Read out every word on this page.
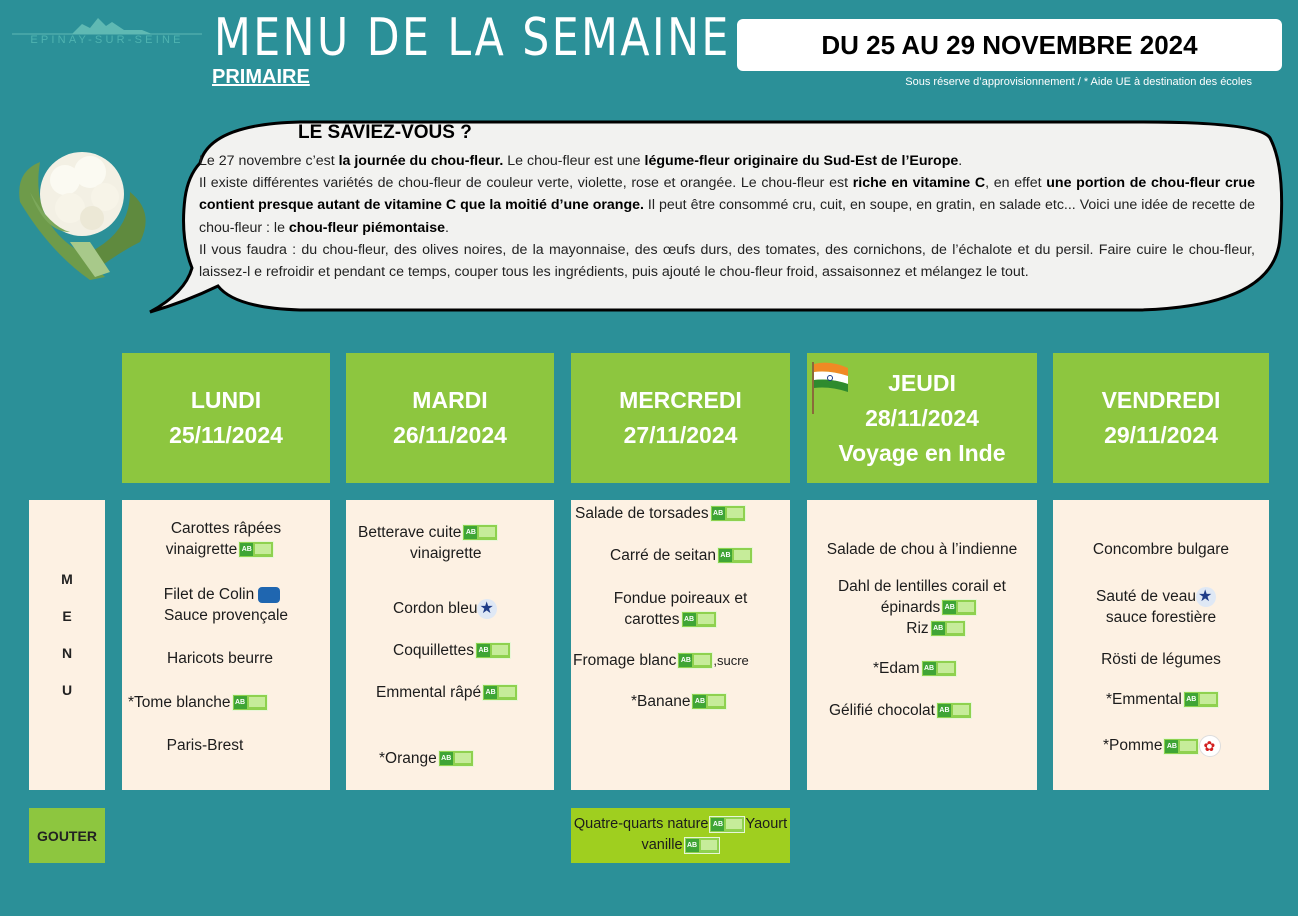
EPINAY-SUR-SEINE MENU DE LA SEMAINE
PRIMAIRE
DU 25 AU 29 NOVEMBRE 2024
Sous réserve d’approvisionnement / * Aide UE à destination des écoles
LE SAVIEZ-VOUS ?
Le 27 novembre c’est la journée du chou-fleur. Le chou-fleur est une légume-fleur originaire du Sud-Est de l’Europe.
Il existe différentes variétés de chou-fleur de couleur verte, violette, rose et orangée. Le chou-fleur est riche en vitamine C, en effet une portion de chou-fleur crue contient presque autant de vitamine C que la moitié d’une orange. Il peut être consommé cru, cuit, en soupe, en gratin, en salade etc... Voici une idée de recette de chou-fleur : le chou-fleur piémontaise.
Il vous faudra : du chou-fleur, des olives noires, de la mayonnaise, des œufs durs, des tomates, des cornichons, de l’échalote et du persil. Faire cuire le chou-fleur, laissez-l e refroidir et pendant ce temps, couper tous les ingrédients, puis ajouté le chou-fleur froid, assaisonnez et mélangez le tout.
LUNDI
25/11/2024
MARDI
26/11/2024
MERCREDI
27/11/2024
JEUDI
28/11/2024
Voyage en Inde
VENDREDI
29/11/2024
M
E
N
U
Carottes râpées
vinaigretteAB
Filet de Colin
Sauce provençale
Haricots beurre
*Tome blancheAB
Paris-Brest
Betterave cuiteAB
vinaigrette
Cordon bleu★
CoquillettesAB
Emmental râpéAB
*OrangeAB
Salade de torsadesAB
Carré de seitanAB
Fondue poireaux et
carottesAB
Fromage blancAB	,sucre
*BananeAB
Salade de chou à l’indienne
Dahl de lentilles corail et
épinardsAB
RizAB
*EdamAB
Gélifié chocolatAB
Concombre bulgare
Sauté de veau★
sauce forestière
Rösti de légumes
*EmmentalAB
*PommeAB✿
GOUTER
Quatre-quarts natureAB	Yaourt
vanilleAB
